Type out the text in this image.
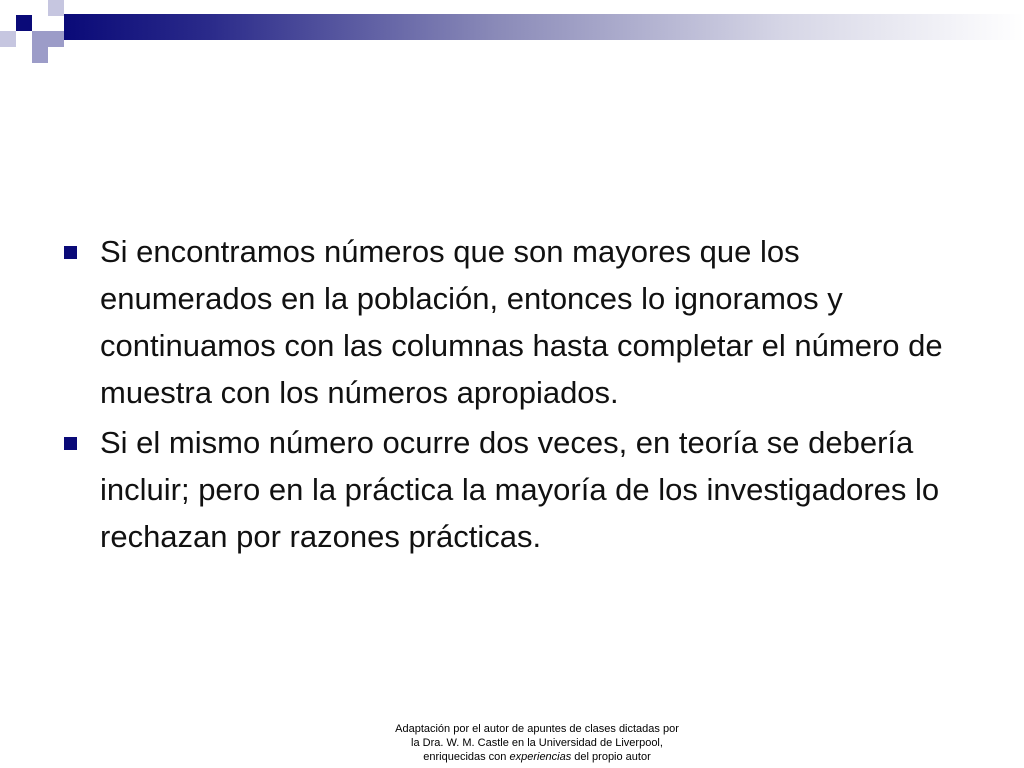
Si encontramos números que son mayores que los enumerados en la población, entonces lo ignoramos y continuamos con las columnas hasta completar el número de muestra con los números apropiados.
Si el mismo número ocurre dos veces, en teoría se debería incluir; pero en la práctica la mayoría de los investigadores lo rechazan por razones prácticas.
Adaptación por el autor de apuntes de clases dictadas por
la Dra. W. M. Castle en la Universidad de Liverpool,
enriquecidas con experiencias del propio autor
